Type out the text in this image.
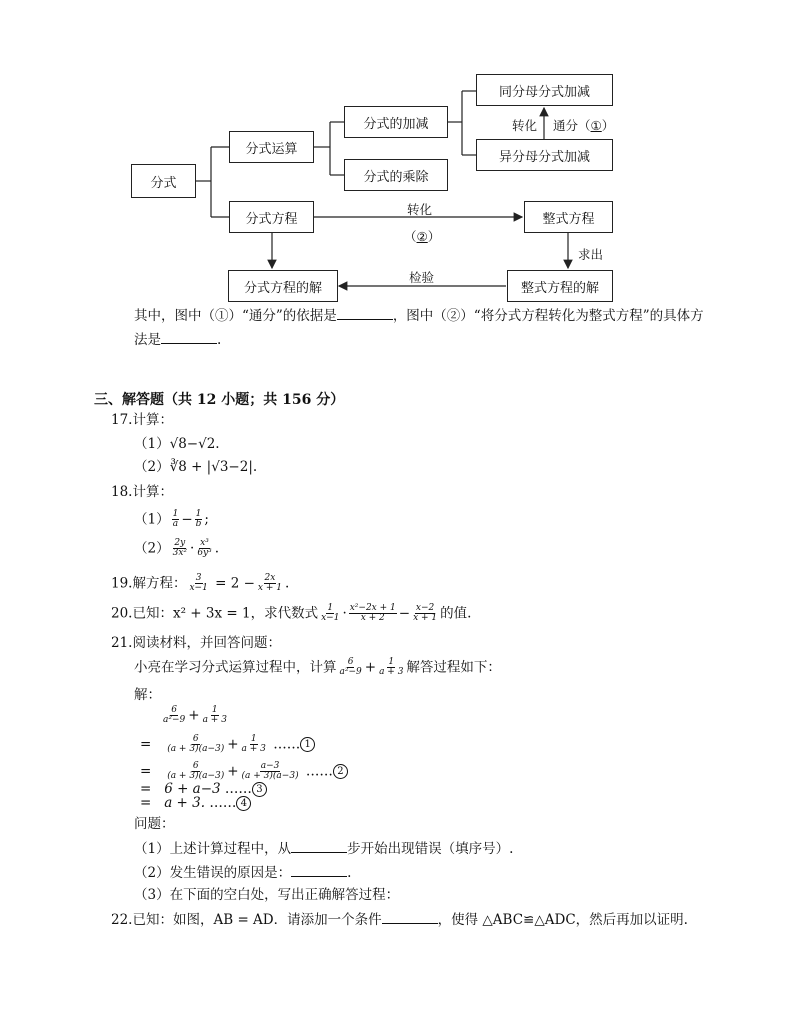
分式
分式运算
分式的加减
分式的乘除
同分母分式加减
异分母分式加减
转化 通分（①）
分式方程	整式方程
转化
（②）
求出
检验
分式方程的解	整式方程的解
其中，图中（①）“通分”的依据是	，图中（②）“将分式方程转化为整式方程”的具体方
法是	.
三、解答题（共 12 小题；共 156 分）
17.计算：
（1）√8−√2.
（2）∛8 + |√3−2|.
18.计算：
$(1) \frac{1}{a} - \frac{1}{b}$ ;
$(2) \frac{2y}{\text{3x²}} \cdot \frac{\text{x³}}{\text{6y³}}$ .
19.解方程： $\frac{3}{x-1} = 2 - \frac{2x}{x + 1}$ .
20.已知：x² + 3x = 1，求代数式 $\frac{1}{x-1} \cdot \frac{\text{x²−2x + 1}}{x + 2} - \frac{x-2}{x + 1}$ 的值.
21.阅读材料，并回答问题：
小亮在学习分式运算过程中，计算 $\frac{6}{\text{a²−9}} + \frac{1}{a + 3}$ 解答过程如下：
解：
$\frac{6}{\text{a²−9}} + \frac{1}{a + 3}$
= $\frac{6}{(a + 3)(a-3)} + \frac{1}{a + 3}$ …… 1
= $\frac{6}{(a + 3)(a-3)} + \frac{a-3}{(a + 3)(a-3)}$ …… 2
=   6 + a−3 …… 3
=   a + 3. …… 4
问题：
（1）上述计算过程中，从	步开始出现错误（填序号）.
（2）发生错误的原因是：	.
（3）在下面的空白处，写出正确解答过程：
22.已知：如图，AB = AD．请添加一个条件	，使得 △ABC≌△ADC，然后再加以证明.
